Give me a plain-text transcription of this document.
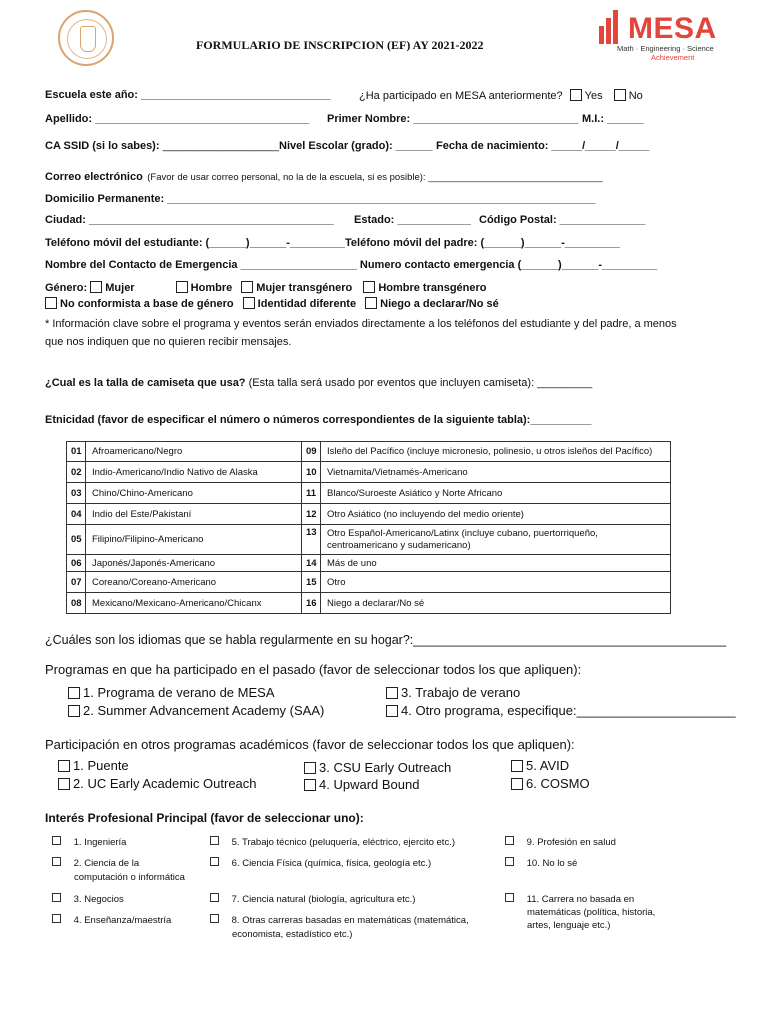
MESA
Math · Engineering · Science
Achievement
FORMULARIO DE INSCRIPCION (EF) AY 2021-2022
Escuela este año: _______________________________	¿Ha participado en MESA anteriormente? Yes No
Apellido: ___________________________________ Primer Nombre: ___________________________ M.I.: ______
CA SSID (si lo sabes): ___________________ Nivel Escolar (grado): ______ Fecha de nacimiento: _____/_____/_____
Correo electrónico (Favor de usar correo personal, no la de la escuela, si es posible): _________________________________
Domicilio Permanente: ______________________________________________________________________
Ciudad: ________________________________________ Estado: ____________ Código Postal: ______________
Teléfono móvil del estudiante: (______)______-_________Teléfono móvil del padre: (______)______-_________
Nombre del Contacto de Emergencia ___________________ Numero contacto emergencia (______)______-_________
Género: Mujer	Hombre Mujer transgénero Hombre transgénero
No conformista a base de género Identidad diferente Niego a declarar/No sé
* Información clave sobre el programa y eventos serán enviados directamente a los teléfonos del estudiante y del padre, a menos
que nos indiquen que no quieren recibir mensajes.
¿Cual es la talla de camiseta que usa? (Esta talla será usado por eventos que incluyen camiseta): _________
Etnicidad (favor de especificar el número o números correspondientes de la siguiente tabla):__________
01	Afroamericano/Negro	09	Isleño del Pacífico (incluye micronesio, polinesio, u otros isleños del Pacífico)
02	Indio-Americano/Indio Nativo de Alaska	10	Vietnamita/Vietnamés-Americano
03	Chino/Chino-Americano	11	Blanco/Suroeste Asiático y Norte Africano
04	Indio del Este/Pakistaní	12	Otro Asiático (no incluyendo del medio oriente)
05	Filipino/Filipino-Americano	13	Otro Español-Americano/Latinx (incluye cubano, puertorriqueño,
centroamericano y sudamericano)

06	Japonés/Japonés-Americano	14	Más de uno
07	Coreano/Coreano-Americano	15	Otro
08	Mexicano/Mexicano-Americano/Chicanx	16	Niego a declarar/No sé
¿Cuáles son los idiomas que se habla regularmente en su hogar?:_____________________________________________
Programas en que ha participado en el pasado (favor de seleccionar todos los que apliquen):
1. Programa de verano de MESA
2. Summer Advancement Academy (SAA)
3. Trabajo de verano
4. Otro programa, especifique:______________________
Participación en otros programas académicos (favor de seleccionar todos los que apliquen):
1. Puente
2. UC Early Academic Outreach
3. CSU Early Outreach
4. Upward Bound
5. AVID
6. COSMO
Interés Profesional Principal (favor de seleccionar uno):
1. Ingeniería
2. Ciencia de la
computación o informática
3. Negocios
4. Enseñanza/maestría
5. Trabajo técnico (peluquería, eléctrico, ejercito etc.)
6. Ciencia Física (química, física, geología etc.)
7. Ciencia natural (biología, agricultura etc.)
8. Otras carreras basadas en matemáticas (matemática,
economista, estadístico etc.)
9. Profesión en salud
10. No lo sé
11. Carrera no basada en
matemáticas (política, historia,
artes, lenguaje etc.)
